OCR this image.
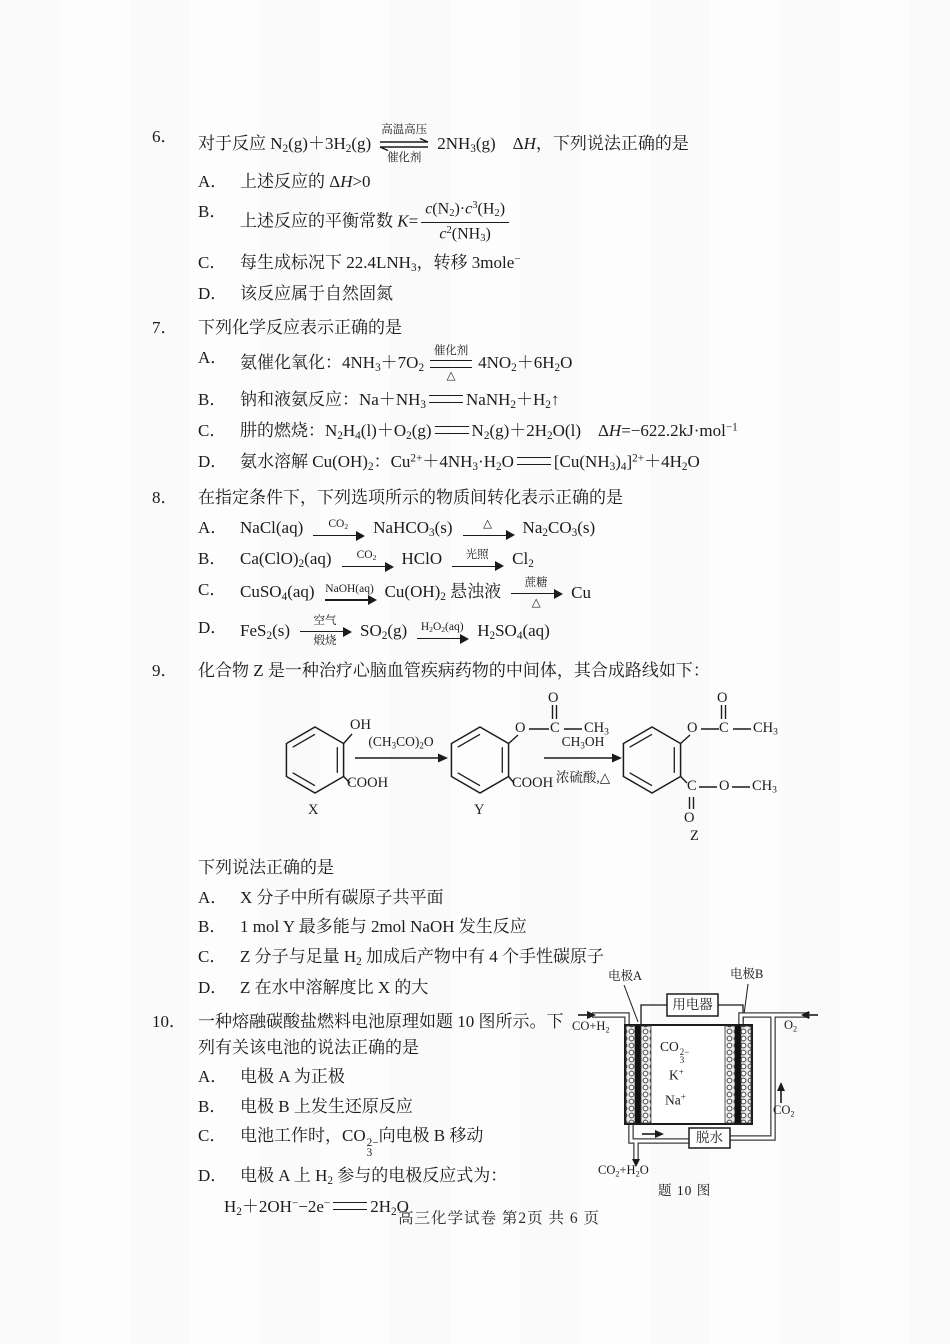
6．	对于反应 $N_2(g)+3H_2(g)$
高温高压
催化剂
$2NH_3(g)$　ΔH，下列说法正确的是
A． 上述反应的 ΔH>0
B． 上述反应的平衡常数 $K= \frac{c(N_2)\cdot c^3(H_2)}{c^2(NH_3)}$
C． 每生成标况下 $22.4LNH_3$，转移 3mole−
D． 该反应属于自然固氮
7．	下列化学反应表示正确的是
A． 氨催化氧化：$4NH_3+7O_2$
催化剂
△
$4NO_2+6H_2O$
B． 钠和液氨反应：$Na+NH_3$ $NaNH_2+H_2↑$
C． 肼的燃烧：$N_2H_4(l)+O_2(g)$ $N_2(g)+2H_2O(l)$　ΔH=−622.2kJ·mol$^{-1}$
D． 氨水溶解 $Cu(OH)_2$：$Cu^{2+}+4NH_3\cdot H_2O$ $[Cu(NH_3)_4]^{2+}+4H_2O$
8．	在指定条件下，下列选项所示的物质间转化表示正确的是
A． NaCl(aq) $CO_2$ NaHCO$_3$(s)	△ $Na_2CO_3(s)$
B． $Ca(ClO)_2(aq)$ $CO_2$ HClO 光照 $Cl_2$
C． CuSO$_4$(aq) NaOH(aq) $Cu(OH)_2$ 悬浊液 蔗糖
△
Cu
D． FeS$_2$(s) 空气
煅烧
$SO_2(g)$ $H_2O_2(aq)$ $H_2SO_4(aq)$
9．	化合物 Z 是一种治疗心脑血管疾病药物的中间体，其合成路线如下：
OH
COOH
X
$(CH_3CO)_2O$
O C $CH_3$
O
COOH
Y
$CH_3OH$
浓硫酸,△
O C $CH_3$
O
C O $CH_3$
O
Z
下列说法正确的是
A． X 分子中所有碳原子共平面
B． 1 mol Y 最多能与 2mol NaOH 发生反应
C． Z 分子与足量 $H_2$ 加成后产物中有 4 个手性碳原子
D． Z 在水中溶解度比 X 的大
10． 一种熔融碳酸盐燃料电池原理如题 10 图所示。下列有关该电池的说法正确的是
A． 电极 A 为正极
B． 电极 B 上发生还原反应
C． 电池工作时，CO 2−
3
向电极 B 移动
D． 电极 A 上 $H_2$ 参与的电极反应式为：
$H_2+2OH^--2e^-$ $2H_2O$
电极A	电极B
用电器
脱水
$CO+H_2$	$O_2$
$CO_2$
$CO_2+H_2O$
CO 2−
3
K+
Na+
题 10 图
高三化学试卷 第2页 共 6 页
